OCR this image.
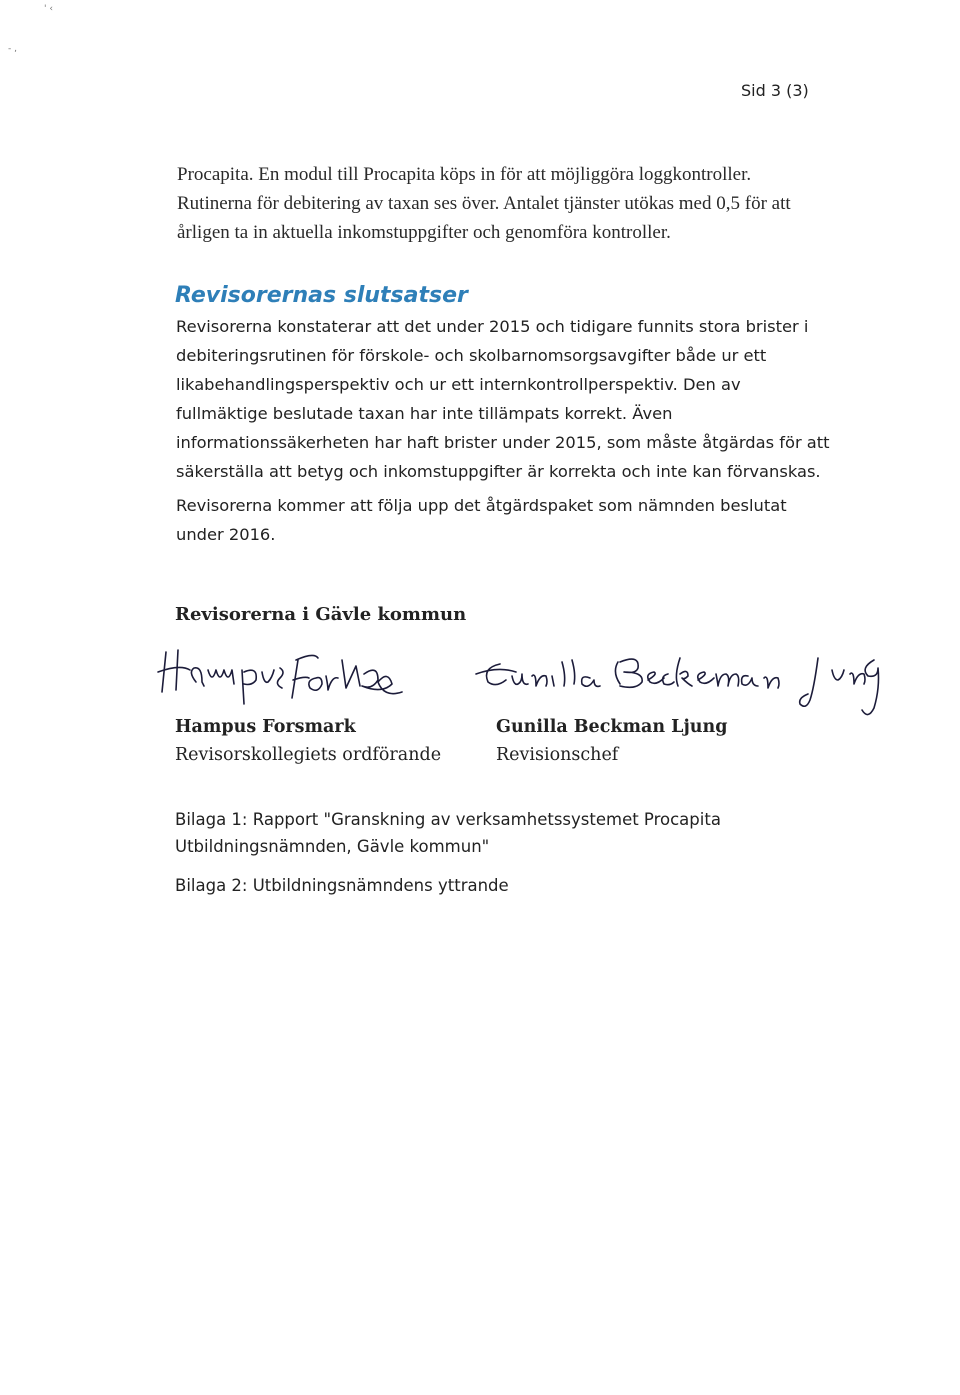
' ‹
- ,
Sid 3 (3)

Procapita. En modul till Procapita köps in för att möjliggöra loggkontroller. Rutinerna för debitering av taxan ses över. Antalet tjänster utökas med 0,5 för att årligen ta in aktuella inkomstuppgifter och genomföra kontroller.

Revisorernas slutsatser

Revisorerna konstaterar att det under 2015 och tidigare funnits stora brister i debiteringsrutinen för förskole- och skolbarnomsorgsavgifter både ur ett likabehandlingsperspektiv och ur ett internkontrollperspektiv. Den av fullmäktige beslutade taxan har inte tillämpats korrekt. Även informationssäkerheten har haft brister under 2015, som måste åtgärdas för att säkerställa att betyg och inkomstuppgifter är korrekta och inte kan förvanskas.

Revisorerna kommer att följa upp det åtgärdspaket som nämnden beslutat under 2016.

Revisorerna i Gävle kommun
Hampus Forsmark
Revisorskollegiets ordförande
Gunilla Beckman Ljung
Revisionschef

Bilaga 1: Rapport "Granskning av verksamhetssystemet Procapita Utbildningsnämnden, Gävle kommun"

Bilaga 2: Utbildningsnämndens yttrande
